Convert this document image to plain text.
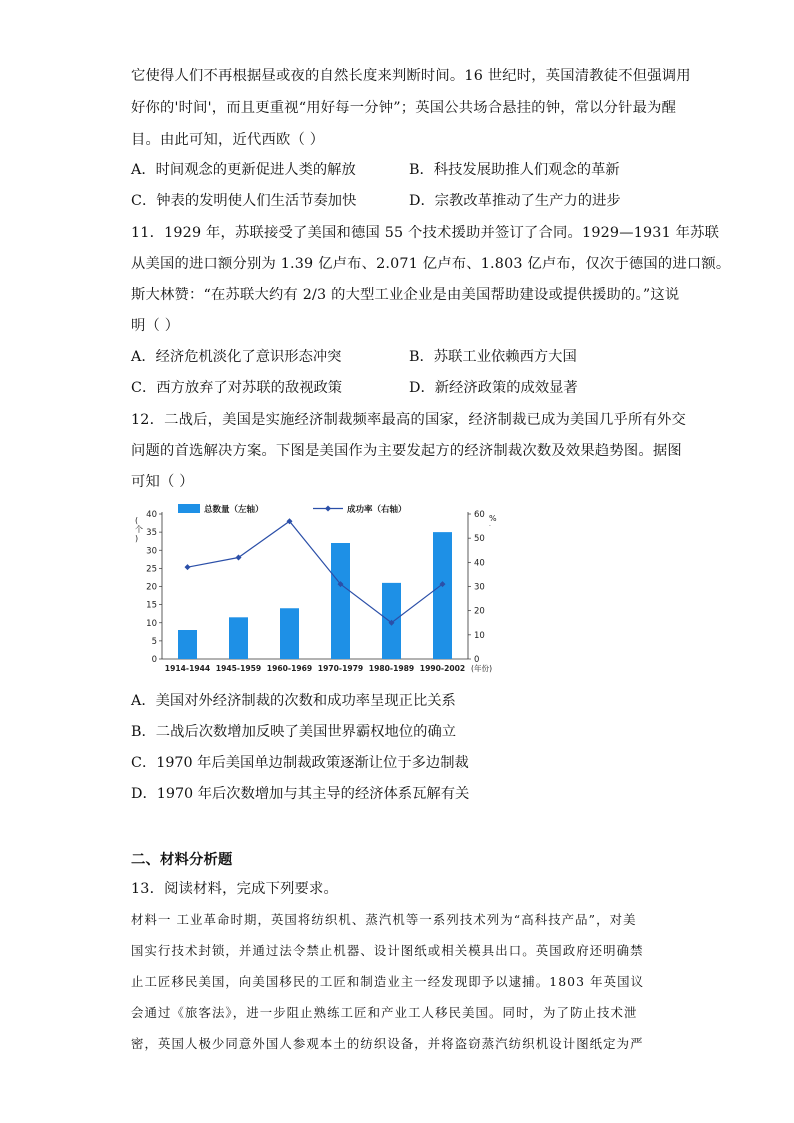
它使得人们不再根据昼或夜的自然长度来判断时间。16 世纪时，英国清教徒不但强调用
好你的'时间'，而且更重视“用好每一分钟”；英国公共场合悬挂的钟，常以分针最为醒
目。由此可知，近代西欧（ ）
A．时间观念的更新促进人类的解放	B．科技发展助推人们观念的革新
C．钟表的发明使人们生活节奏加快	D．宗教改革推动了生产力的进步
11．1929 年，苏联接受了美国和德国 55 个技术援助并签订了合同。1929—1931 年苏联
从美国的进口额分别为 1.39 亿卢布、2.071 亿卢布、1.803 亿卢布，仅次于德国的进口额。
斯大林赞：“在苏联大约有 2/3 的大型工业企业是由美国帮助建设或提供援助的。”这说
明（ ）
A．经济危机淡化了意识形态冲突	B．苏联工业依赖西方大国
C．西方放弃了对苏联的敌视政策	D．新经济政策的成效显著
12．二战后，美国是实施经济制裁频率最高的国家，经济制裁已成为美国几乎所有外交
问题的首选解决方案。下图是美国作为主要发起方的经济制裁次数及效果趋势图。据图
可知（ ）
总数量（左轴）	成功率（右轴）
(
个
)
%
·
0
5
10
15
20
25
30
35
40
0
10
20
30
40
50
60
1914-1944 1945-1959 1960-1969 1970-1979 1980-1989 1990-2002 (年份)
A．美国对外经济制裁的次数和成功率呈现正比关系
B．二战后次数增加反映了美国世界霸权地位的确立
C．1970 年后美国单边制裁政策逐渐让位于多边制裁
D．1970 年后次数增加与其主导的经济体系瓦解有关
二、材料分析题
13．阅读材料，完成下列要求。
材料一 工业革命时期，英国将纺织机、蒸汽机等一系列技术列为“高科技产品”，对美
国实行技术封锁，并通过法令禁止机器、设计图纸或相关模具出口。英国政府还明确禁
止工匠移民美国，向美国移民的工匠和制造业主一经发现即予以逮捕。1803 年英国议
会通过《旅客法》，进一步阻止熟练工匠和产业工人移民美国。同时，为了防止技术泄
密，英国人极少同意外国人参观本土的纺织设备，并将盗窃蒸汽纺织机设计图纸定为严
